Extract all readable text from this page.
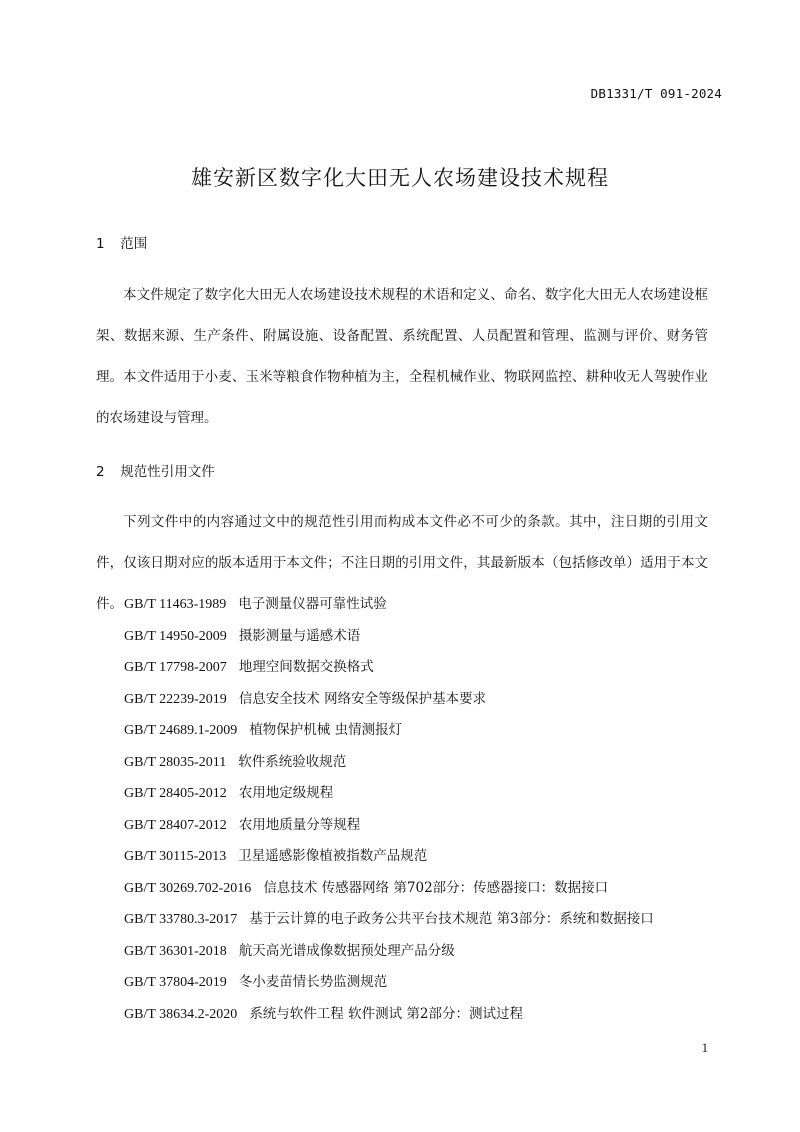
DB1331/T 091-2024
雄安新区数字化大田无人农场建设技术规程
1 范围
本文件规定了数字化大田无人农场建设技术规程的术语和定义、命名、数字化大田无人农场建设框架、数据来源、生产条件、附属设施、设备配置、系统配置、人员配置和管理、监测与评价、财务管理。 本文件适用于小麦、玉米等粮食作物种植为主，全程机械作业、物联网监控、耕种收无人驾驶作业的农场建设与管理。
2 规范性引用文件
下列文件中的内容通过文中的规范性引用而构成本文件必不可少的条款。其中，注日期的引用文件，仅该日期对应的版本适用于本文件；不注日期的引用文件，其最新版本（包括修改单）适用于本文件。 GB/T 11463-1989 电子测量仪器可靠性试验
GB/T 14950-2009 摄影测量与遥感术语
GB/T 17798-2007 地理空间数据交换格式
GB/T 22239-2019 信息安全技术 网络安全等级保护基本要求
GB/T 24689.1-2009 植物保护机械 虫情测报灯
GB/T 28035-2011 软件系统验收规范
GB/T 28405-2012 农用地定级规程
GB/T 28407-2012 农用地质量分等规程
GB/T 30115-2013 卫星遥感影像植被指数产品规范
GB/T 30269.702-2016 信息技术 传感器网络 第702部分：传感器接口：数据接口
GB/T 33780.3-2017 基于云计算的电子政务公共平台技术规范 第3部分：系统和数据接口
GB/T 36301-2018 航天高光谱成像数据预处理产品分级
GB/T 37804-2019 冬小麦苗情长势监测规范
GB/T 38634.2-2020 系统与软件工程 软件测试 第2部分：测试过程
1
